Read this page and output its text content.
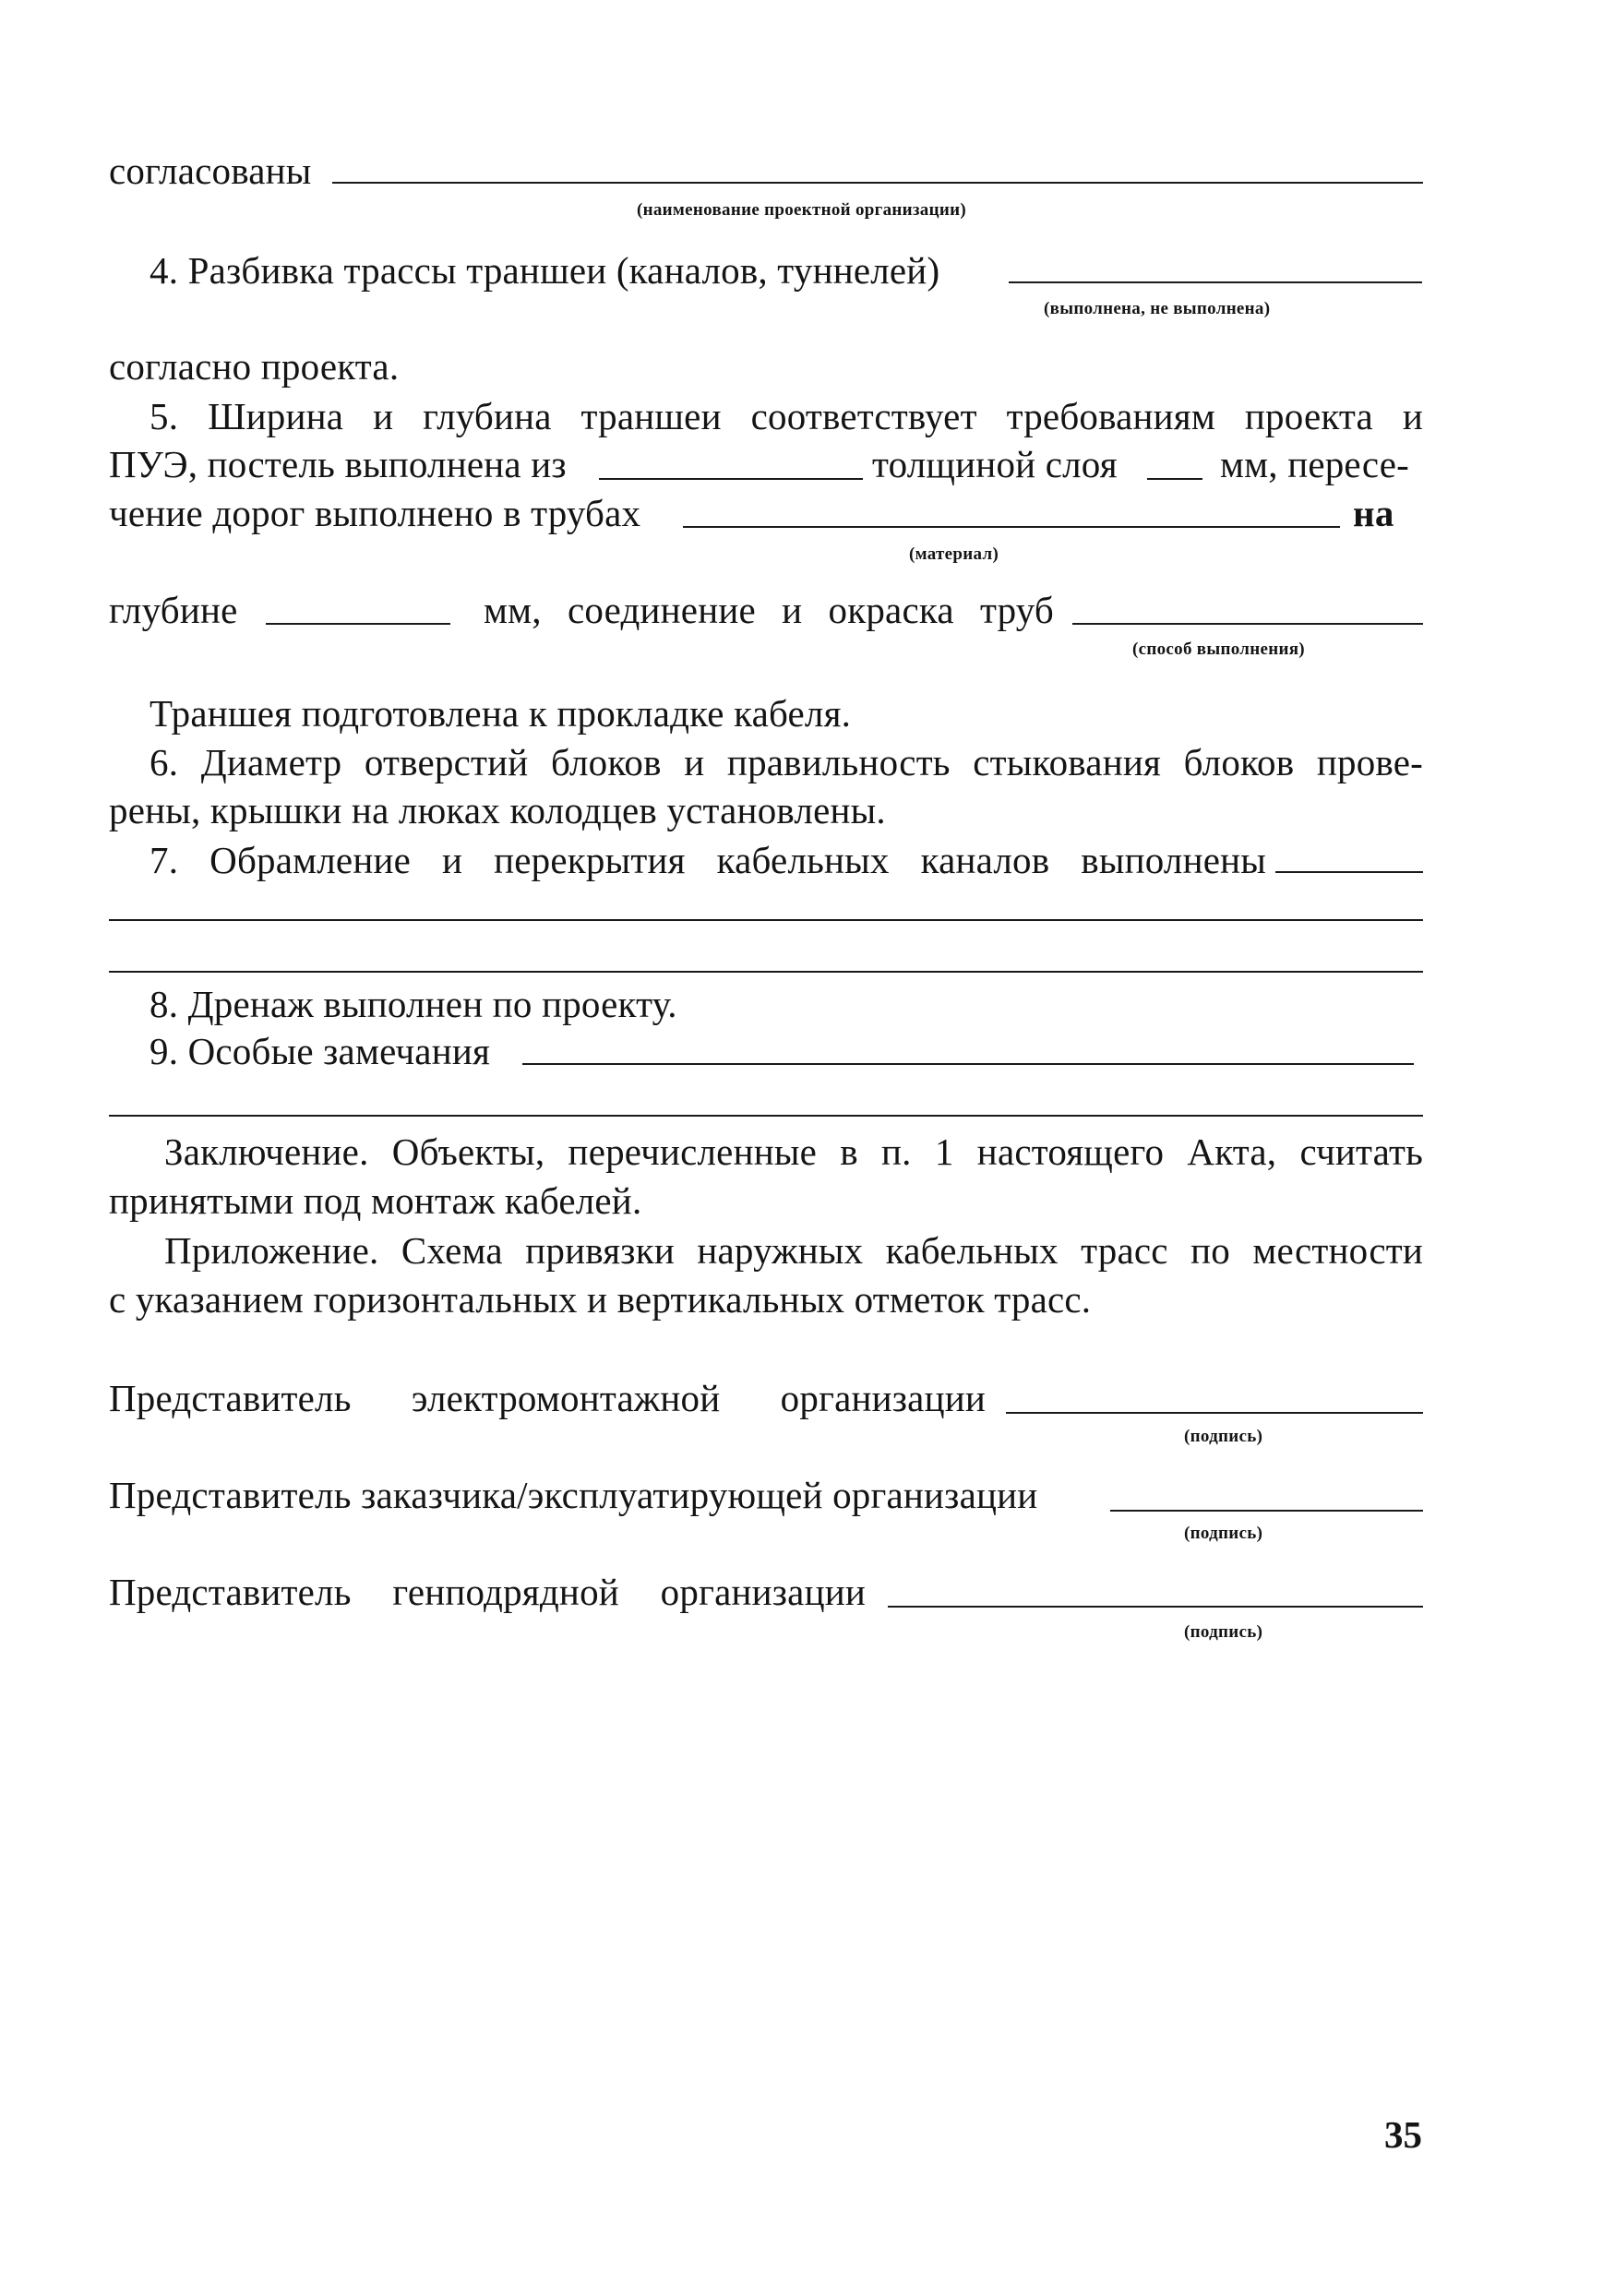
согласованы
(наименование проектной организации)
4. Разбивка трассы траншеи (каналов, туннелей)
(выполнена, не выполнена)
согласно проекта.
5. Ширина и глубина траншеи соответствует требованиям проекта и
ПУЭ, постель выполнена из	толщиной слоя	мм, пересе-
чение дорог выполнено в трубах	на
(материал)
глубине	мм, соединение и окраска труб
(способ выполнения)
Траншея подготовлена к прокладке кабеля.
6. Диаметр отверстий блоков и правильность стыкования блоков прове-
рены, крышки на люках колодцев установлены.
7. Обрамление и перекрытия кабельных каналов выполнены
8. Дренаж выполнен по проекту.
9. Особые замечания
Заключение. Объекты, перечисленные в п. 1 настоящего Акта, считать
принятыми под монтаж кабелей.
Приложение. Схема привязки наружных кабельных трасс по местности
с указанием горизонтальных и вертикальных отметок трасс.
Представитель электромонтажной организации
(подпись)
Представитель заказчика/эксплуатирующей организации
(подпись)
Представитель генподрядной организации
(подпись)
35
